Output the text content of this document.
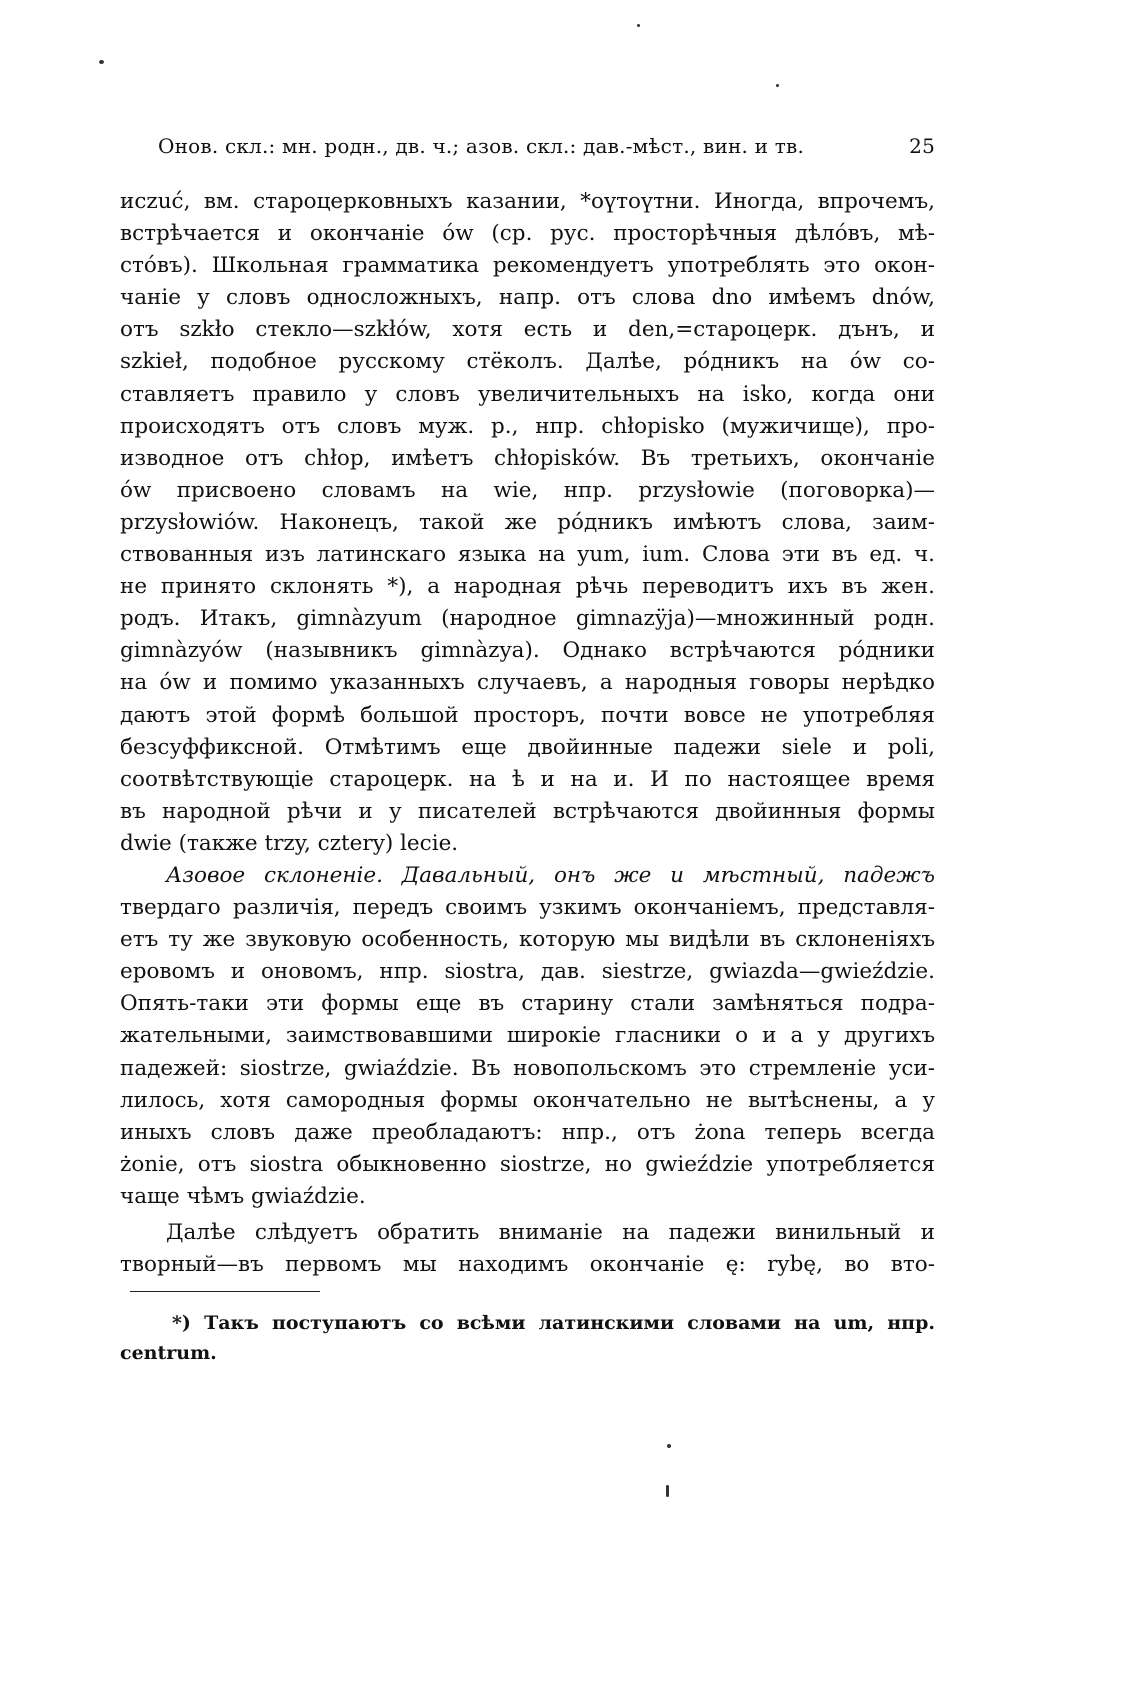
Онов. скл.: мн. родн., дв. ч.; азов. скл.: дав.-мѣст., вин. и тв.	25
исzuć, вм. староцерковныхъ казании, *оүтоүтни. Иногда, впрочемъ,
встрѣчается и окончаніе ów (ср. рус. просторѣчныя дѣлóвъ, мѣ-
стóвъ). Школьная грамматика рекомендуетъ употреблять это окон-
чаніе у словъ односложныхъ, напр. отъ слова dno имѣемъ dnów,
отъ szkło стекло—szkłów, хотя есть и den,=староцерк. дънъ, и
szkieł, подобное русскому стёколъ. Далѣе, рóдникъ на ów со-
ставляетъ правило у словъ увеличительныхъ на isko, когда они
происходятъ отъ словъ муж. р., нпр. chłopisko (мужичище), про-
изводное отъ chłop, имѣетъ chłopisków. Въ третьихъ, окончаніе
ów присвоено словамъ на wie, нпр. przysłowie (поговорка)—
przysłowiów. Наконецъ, такой же рóдникъ имѣютъ слова, заим-
ствованныя изъ латинскаго языка на yum, ium. Слова эти въ ед. ч.
не принято склонять *), а народная рѣчь переводитъ ихъ въ жен.
родъ. Итакъ, gimnàzyum (народное gimnazÿja)—множинный родн.
gimnàzyów (назывникъ gimnàzya). Однако встрѣчаются рóдники
на ów и помимо указанныхъ случаевъ, а народныя говоры нерѣдко
даютъ этой формѣ большой просторъ, почти вовсе не употребляя
безсуффиксной. Отмѣтимъ еще двойинные падежи siele и poli,
соотвѣтствующіе староцерк. на ѣ и на и. И по настоящее время
въ народной рѣчи и у писателей встрѣчаются двойинныя формы
dwie (также trzy, cztery) lecie.
Азовое склоненіе. Давальный, онъ же и мѣстный, падежъ
твердаго различія, передъ своимъ узкимъ окончаніемъ, представля-
етъ ту же звуковую особенность, которую мы видѣли въ склоненіяхъ
еровомъ и оновомъ, нпр. siostra, дав. siestrze, gwiazda—gwieździe.
Опять-таки эти формы еще въ старину стали замѣняться подра-
жательными, заимствовавшими широкіе гласники о и а у другихъ
падежей: siostrze, gwiaździe. Въ новопольскомъ это стремленіе уси-
лилось, хотя самородныя формы окончательно не вытѣснены, а у
иныхъ словъ даже преобладаютъ: нпр., отъ żona теперь всегда
żonie, отъ siostra обыкновенно siostrze, но gwieździe употребляется
чаще чѣмъ gwiaździe.
Далѣе слѣдуетъ обратить вниманіе на падежи винильный и
творный—въ первомъ мы находимъ окончаніе ę: rybę, во вто-
*) Такъ поступаютъ со всѣми латинскими словами на um, нпр.
centrum.
